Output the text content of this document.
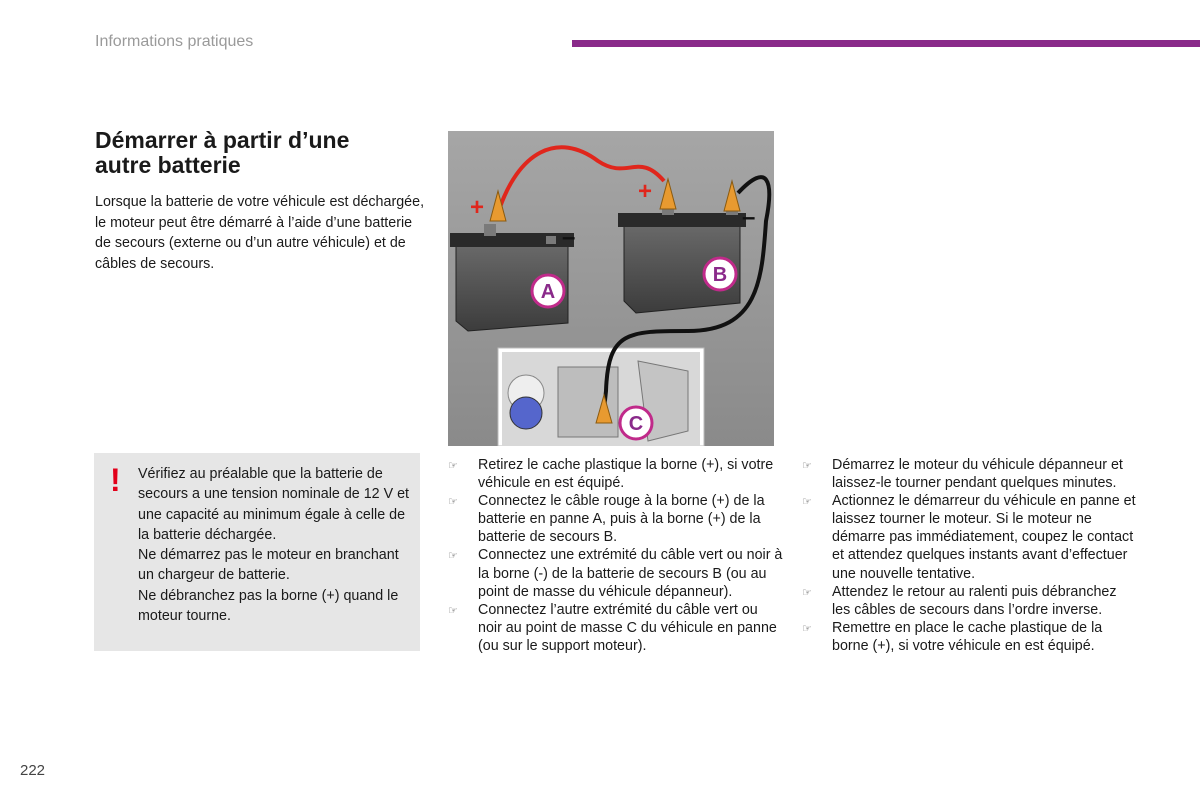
Informations pratiques
Démarrer à partir d’une
autre batterie

Lorsque la batterie de votre véhicule est déchargée, le moteur peut être démarré à l’aide d’une batterie de secours (externe ou d’un autre véhicule) et de câbles de secours.

! Vérifiez au préalable que la batterie de secours a une tension nominale de 12 V et une capacité au minimum égale à celle de la batterie déchargée.

Ne démarrez pas le moteur en branchant un chargeur de batterie.

Ne débranchez pas la borne (+) quand le moteur tourne.

A
B
C
+
+
–
–
☞ Retirez le cache plastique la borne (+), si votre véhicule en est équipé.
☞ Connectez le câble rouge à la borne (+) de la batterie en panne A, puis à la borne (+) de la batterie de secours B.
☞ Connectez une extrémité du câble vert ou noir à la borne (-) de la batterie de secours B (ou au point de masse du véhicule dépanneur).
☞ Connectez l’autre extrémité du câble vert ou noir au point de masse C du véhicule en panne (ou sur le support moteur).
☞ Démarrez le moteur du véhicule dépanneur et laissez-le tourner pendant quelques minutes.
☞ Actionnez le démarreur du véhicule en panne et laissez tourner le moteur. Si le moteur ne démarre pas immédiatement, coupez le contact et attendez quelques instants avant d’effectuer une nouvelle tentative.
☞ Attendez le retour au ralenti puis débranchez les câbles de secours dans l’ordre inverse.
☞ Remettre en place le cache plastique de la borne (+), si votre véhicule en est équipé.
222
